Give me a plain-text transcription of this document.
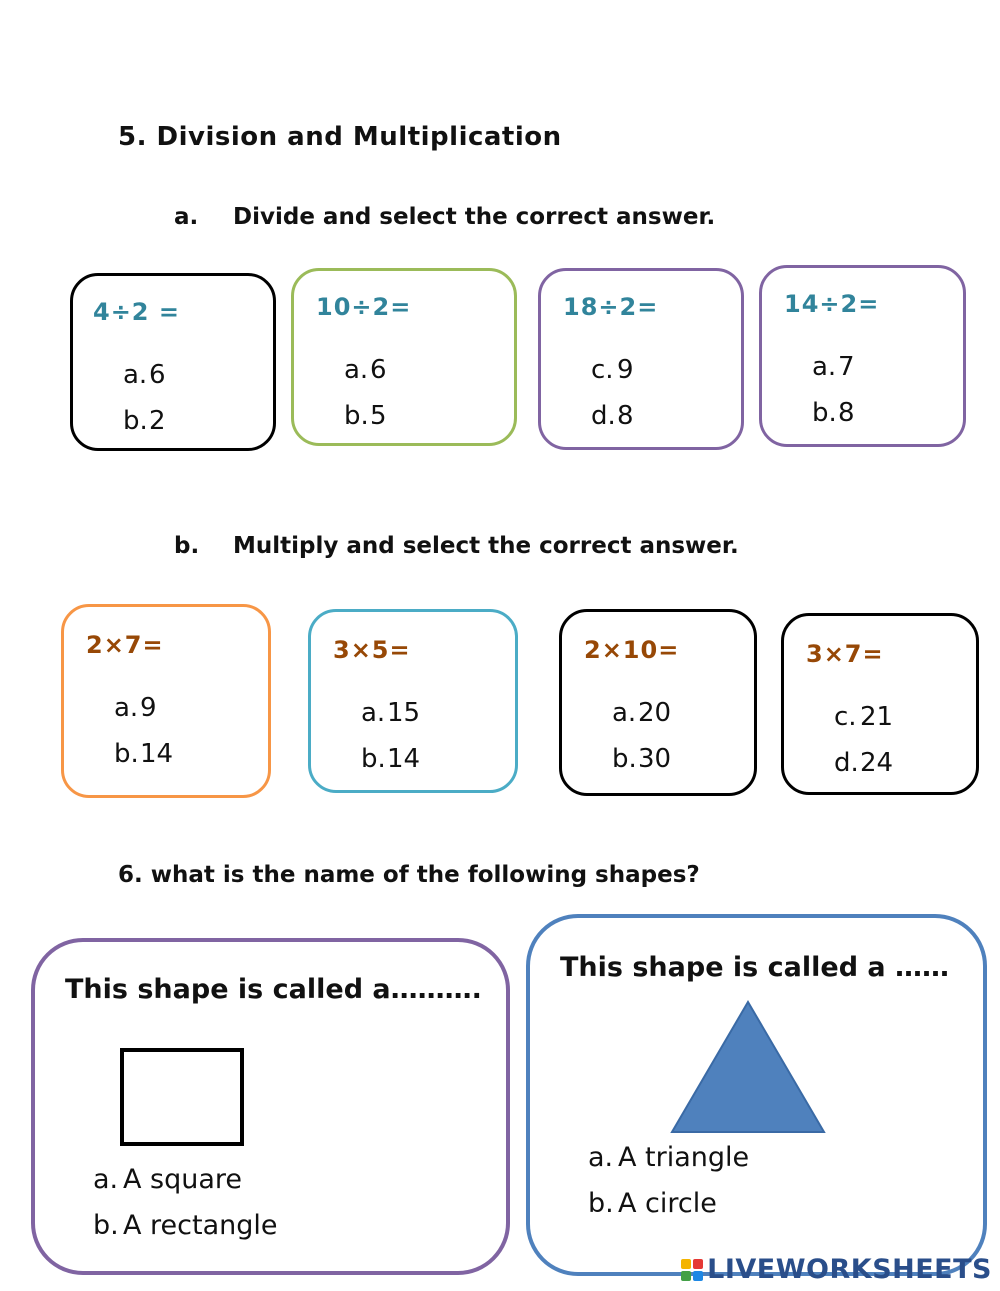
5. Division and Multiplication
a. Divide and select the correct answer.
4÷2 =
a.6
b.2
10÷2=
a.6
b.5
18÷2=
c. 9
d.8
14÷2=
a.7
b.8
b. Multiply and select the correct answer.
2×7=
a.9
b.14
3×5=
a.15
b.14
2×10=
a.20
b.30
3×7=
c. 21
d.24
6. what is the name of the following shapes?
This shape is called a……….
a. A square
b. A rectangle
This shape is called a ……
a. A triangle
b. A circle
LIVEWORKSHEETS
